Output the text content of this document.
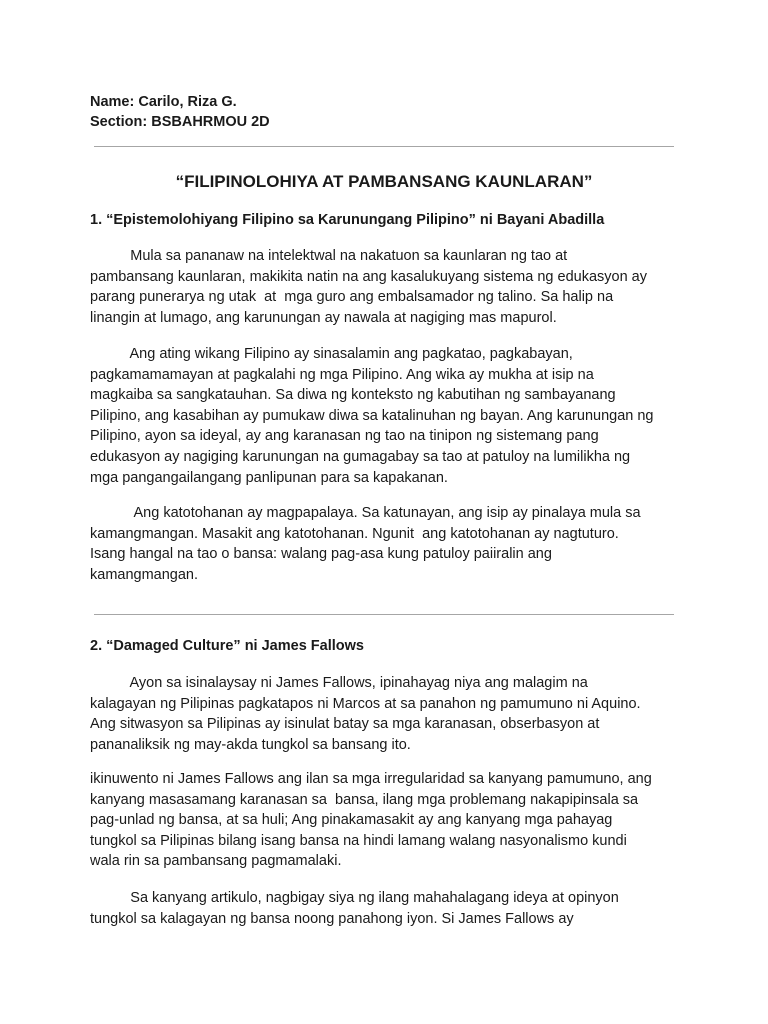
Name: Carilo, Riza G.
Section: BSBAHRMOU 2D
“FILIPINOLOHIYA AT PAMBANSANG KAUNLARAN”
1. “Epistemolohiyang Filipino sa Karunungang Pilipino” ni Bayani Abadilla
Mula sa pananaw na intelektwal na nakatuon sa kaunlaran ng tao at
pambansang kaunlaran, makikita natin na ang kasalukuyang sistema ng edukasyon ay
parang punerarya ng utak  at  mga guro ang embalsamador ng talino. Sa halip na
linangin at lumago, ang karunungan ay nawala at nagiging mas mapurol.
Ang ating wikang Filipino ay sinasalamin ang pagkatao, pagkabayan,
pagkamamamayan at pagkalahi ng mga Pilipino. Ang wika ay mukha at isip na
magkaiba sa sangkatauhan. Sa diwa ng konteksto ng kabutihan ng sambayanang
Pilipino, ang kasabihan ay pumukaw diwa sa katalinuhan ng bayan. Ang karunungan ng
Pilipino, ayon sa ideyal, ay ang karanasan ng tao na tinipon ng sistemang pang
edukasyon ay nagiging karunungan na gumagabay sa tao at patuloy na lumilikha ng
mga pangangailangang panlipunan para sa kapakanan.
Ang katotohanan ay magpapalaya. Sa katunayan, ang isip ay pinalaya mula sa
kamangmangan. Masakit ang katotohanan. Ngunit  ang katotohanan ay nagtuturo.
Isang hangal na tao o bansa: walang pag-asa kung patuloy paiiralin ang
kamangmangan.
2. “Damaged Culture” ni James Fallows
Ayon sa isinalaysay ni James Fallows, ipinahayag niya ang malagim na
kalagayan ng Pilipinas pagkatapos ni Marcos at sa panahon ng pamumuno ni Aquino.
Ang sitwasyon sa Pilipinas ay isinulat batay sa mga karanasan, obserbasyon at
pananaliksik ng may-akda tungkol sa bansang ito.
ikinuwento ni James Fallows ang ilan sa mga irregularidad sa kanyang pamumuno, ang
kanyang masasamang karanasan sa  bansa, ilang mga problemang nakapipinsala sa
pag-unlad ng bansa, at sa huli; Ang pinakamasakit ay ang kanyang mga pahayag
tungkol sa Pilipinas bilang isang bansa na hindi lamang walang nasyonalismo kundi
wala rin sa pambansang pagmamalaki.
Sa kanyang artikulo, nagbigay siya ng ilang mahahalagang ideya at opinyon
tungkol sa kalagayan ng bansa noong panahong iyon. Si James Fallows ay
